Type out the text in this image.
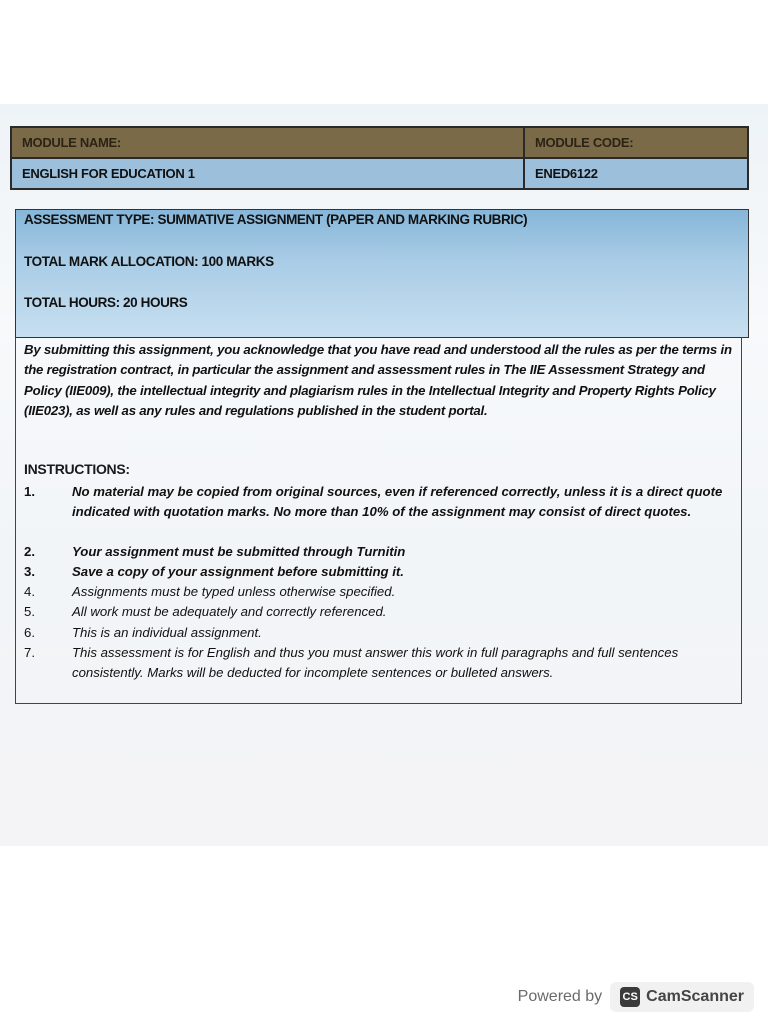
MODULE NAME:	MODULE CODE:
ENGLISH FOR EDUCATION 1	ENED6122
ASSESSMENT TYPE: SUMMATIVE ASSIGNMENT (PAPER AND MARKING RUBRIC)
TOTAL MARK ALLOCATION: 100 MARKS
TOTAL HOURS: 20 HOURS
By submitting this assignment, you acknowledge that you have read and understood all the rules as per the terms in the registration contract, in particular the assignment and assessment rules in The IIE Assessment Strategy and Policy (IIE009), the intellectual integrity and plagiarism rules in the Intellectual Integrity and Property Rights Policy (IIE023), as well as any rules and regulations published in the student portal.
INSTRUCTIONS:
1.	No material may be copied from original sources, even if referenced correctly, unless it is a direct quote indicated with quotation marks. No more than 10% of the assignment may consist of direct quotes.
2.	Your assignment must be submitted through Turnitin
3.	Save a copy of your assignment before submitting it.
4.	Assignments must be typed unless otherwise specified.
5.	All work must be adequately and correctly referenced.
6.	This is an individual assignment.
7.	This assessment is for English and thus you must answer this work in full paragraphs and full sentences consistently. Marks will be deducted for incomplete sentences or bulleted answers.
Powered by CS CamScanner
